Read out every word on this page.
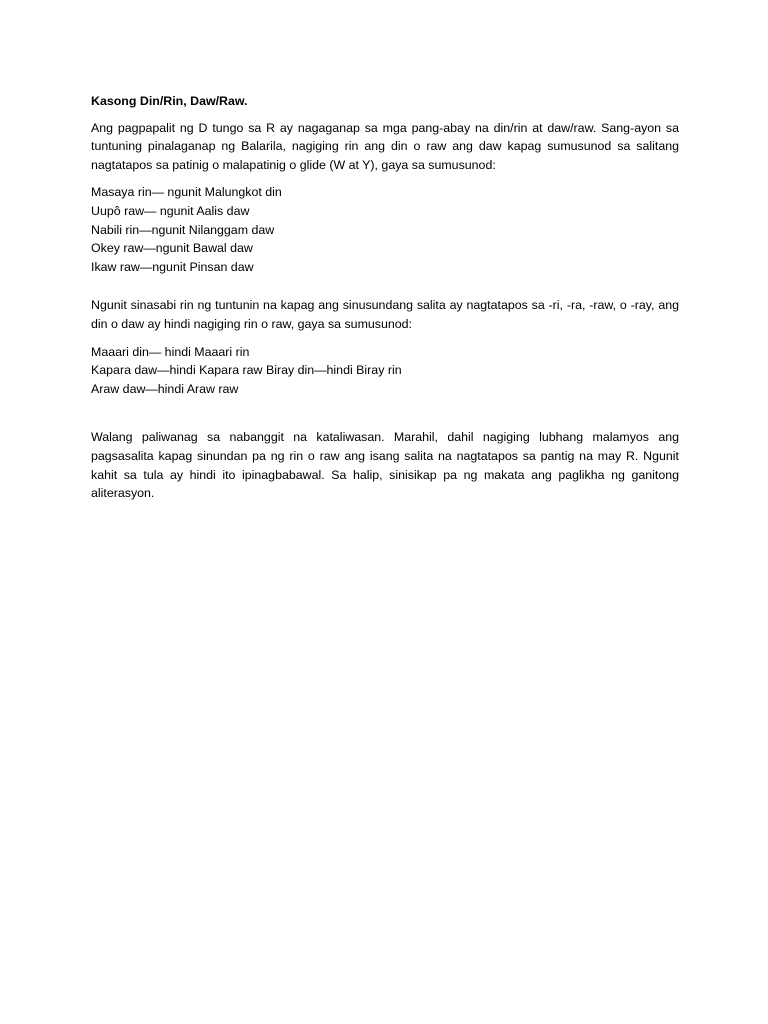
Kasong Din/Rin, Daw/Raw.

Ang pagpapalit ng D tungo sa R ay nagaganap sa mga pang-abay na din/rin at daw/raw. Sang-ayon sa tuntuning pinalaganap ng Balarila, nagiging rin ang din o raw ang daw kapag sumusunod sa salitang nagtatapos sa patinig o malapatinig o glide (W at Y), gaya sa sumusunod:

Masaya rin— ngunit Malungkot din
Uupô raw— ngunit Aalis daw
Nabili rin—ngunit Nilanggam daw
Okey raw—ngunit Bawal daw
Ikaw raw—ngunit Pinsan daw

Ngunit sinasabi rin ng tuntunin na kapag ang sinusundang salita ay nagtatapos sa -ri, -ra, -raw, o -ray, ang din o daw ay hindi nagiging rin o raw, gaya sa sumusunod:

Maaari din— hindi Maaari rin
Kapara daw—hindi Kapara raw Biray din—hindi Biray rin
Araw daw—hindi Araw raw

Walang paliwanag sa nabanggit na kataliwasan. Marahil, dahil nagiging lubhang malamyos ang pagsasalita kapag sinundan pa ng rin o raw ang isang salita na nagtatapos sa pantig na may R. Ngunit kahit sa tula ay hindi ito ipinagbabawal. Sa halip, sinisikap pa ng makata ang paglikha ng ganitong aliterasyon.
